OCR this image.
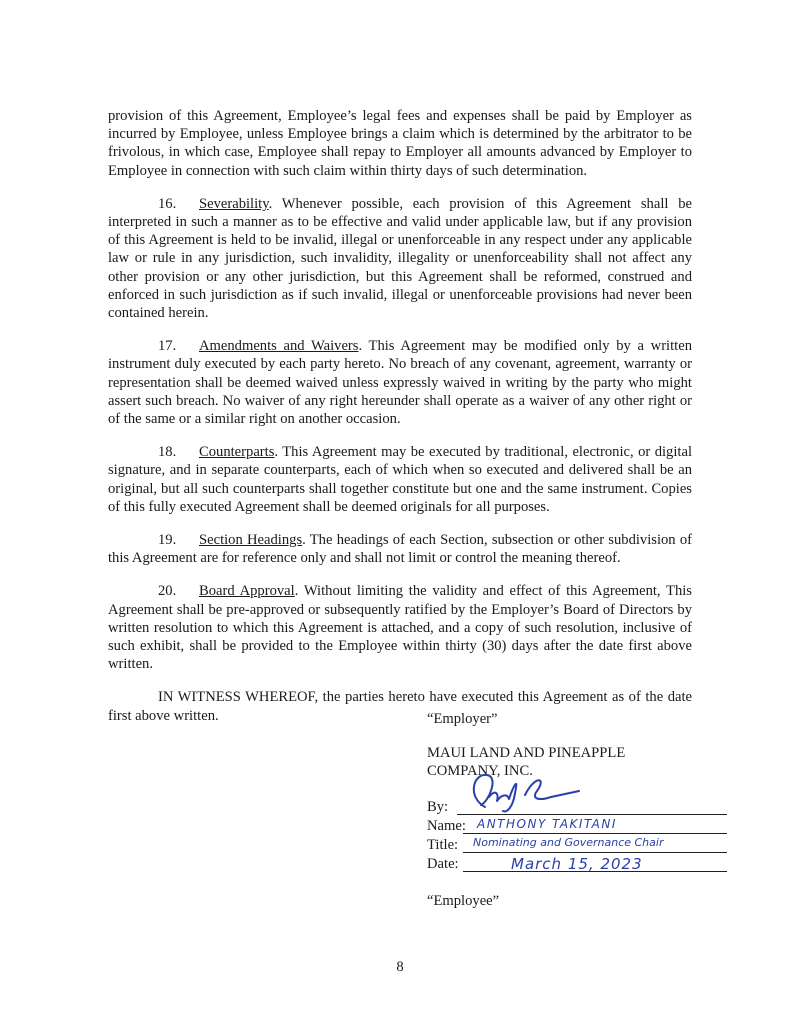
provision of this Agreement, Employee’s legal fees and expenses shall be paid by Employer as incurred by Employee, unless Employee brings a claim which is determined by the arbitrator to be frivolous, in which case, Employee shall repay to Employer all amounts advanced by Employer to Employee in connection with such claim within thirty days of such determination.

16. Severability. Whenever possible, each provision of this Agreement shall be interpreted in such a manner as to be effective and valid under applicable law, but if any provision of this Agreement is held to be invalid, illegal or unenforceable in any respect under any applicable law or rule in any jurisdiction, such invalidity, illegality or unenforceability shall not affect any other provision or any other jurisdiction, but this Agreement shall be reformed, construed and enforced in such jurisdiction as if such invalid, illegal or unenforceable provisions had never been contained herein.

17. Amendments and Waivers. This Agreement may be modified only by a written instrument duly executed by each party hereto. No breach of any covenant, agreement, warranty or representation shall be deemed waived unless expressly waived in writing by the party who might assert such breach. No waiver of any right hereunder shall operate as a waiver of any other right or of the same or a similar right on another occasion.

18. Counterparts. This Agreement may be executed by traditional, electronic, or digital signature, and in separate counterparts, each of which when so executed and delivered shall be an original, but all such counterparts shall together constitute but one and the same instrument. Copies of this fully executed Agreement shall be deemed originals for all purposes.

19. Section Headings. The headings of each Section, subsection or other subdivision of this Agreement are for reference only and shall not limit or control the meaning thereof.

20. Board Approval. Without limiting the validity and effect of this Agreement, This Agreement shall be pre-approved or subsequently ratified by the Employer’s Board of Directors by written resolution to which this Agreement is attached, and a copy of such resolution, inclusive of such exhibit, shall be provided to the Employee within thirty (30) days after the date first above written.

IN WITNESS WHEREOF, the parties hereto have executed this Agreement as of the date first above written.	“Employer”
MAUI LAND AND PINEAPPLE
COMPANY, INC.
By:
Name: ANTHONY TAKITANI
Title: Nominating and Governance Chair
Date:	March 15, 2023
“Employee”
8
